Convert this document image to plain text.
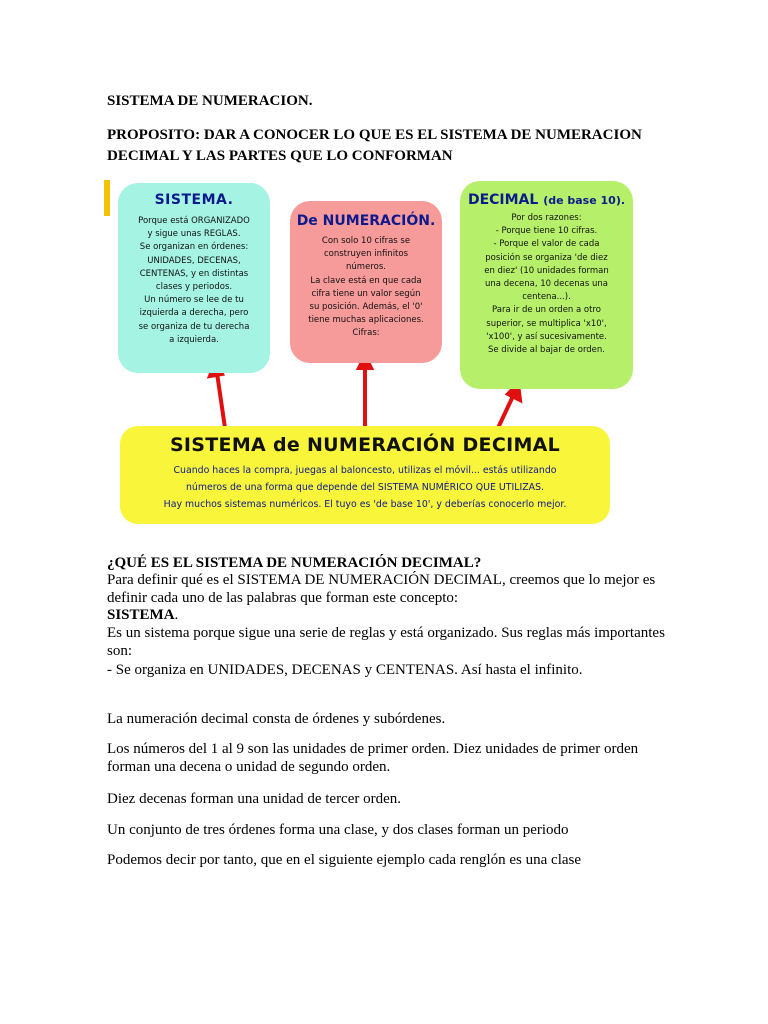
SISTEMA DE NUMERACION.
PROPOSITO: DAR A CONOCER LO QUE ES EL SISTEMA DE NUMERACION DECIMAL Y LAS PARTES QUE LO CONFORMAN
SISTEMA.

Porque está ORGANIZADO
y sigue unas REGLAS.
Se organizan en órdenes:
UNIDADES, DECENAS,
CENTENAS, y en distintas
clases y periodos.
Un número se lee de tu
izquierda a derecha, pero
se organiza de tu derecha
a izquierda.

De NUMERACIÓN.

Con solo 10 cifras se
construyen infinitos
números.
La clave está en que cada
cifra tiene un valor según
su posición. Además, el '0'
tiene muchas aplicaciones.
Cifras:

DECIMAL (de base 10).

Por dos razones:
- Porque tiene 10 cifras.
- Porque el valor de cada
posición se organiza 'de diez
en diez' (10 unidades forman
una decena, 10 decenas una
centena...).
Para ir de un orden a otro
superior, se multiplica 'x10',
'x100', y así sucesivamente.
Se divide al bajar de orden.

SISTEMA de NUMERACIÓN DECIMAL

Cuando haces la compra, juegas al baloncesto, utilizas el móvil... estás utilizando
números de una forma que depende del SISTEMA NUMÉRICO QUE UTILIZAS.
Hay muchos sistemas numéricos. El tuyo es 'de base 10', y deberías conocerlo mejor.

¿QUÉ ES EL SISTEMA DE NUMERACIÓN DECIMAL?
Para definir qué es el SISTEMA DE NUMERACIÓN DECIMAL, creemos que lo mejor es definir cada uno de las palabras que forman este concepto:
SISTEMA.
Es un sistema porque sigue una serie de reglas y está organizado. Sus reglas más importantes son:
- Se organiza en UNIDADES, DECENAS y CENTENAS. Así hasta el infinito.
La numeración decimal consta de órdenes y subórdenes.
Los números del 1 al 9 son las unidades de primer orden. Diez unidades de primer orden forman una decena o unidad de segundo orden.
Diez decenas forman una unidad de tercer orden.
Un conjunto de tres órdenes forma una clase, y dos clases forman un periodo
Podemos decir por tanto, que en el siguiente ejemplo cada renglón es una clase
